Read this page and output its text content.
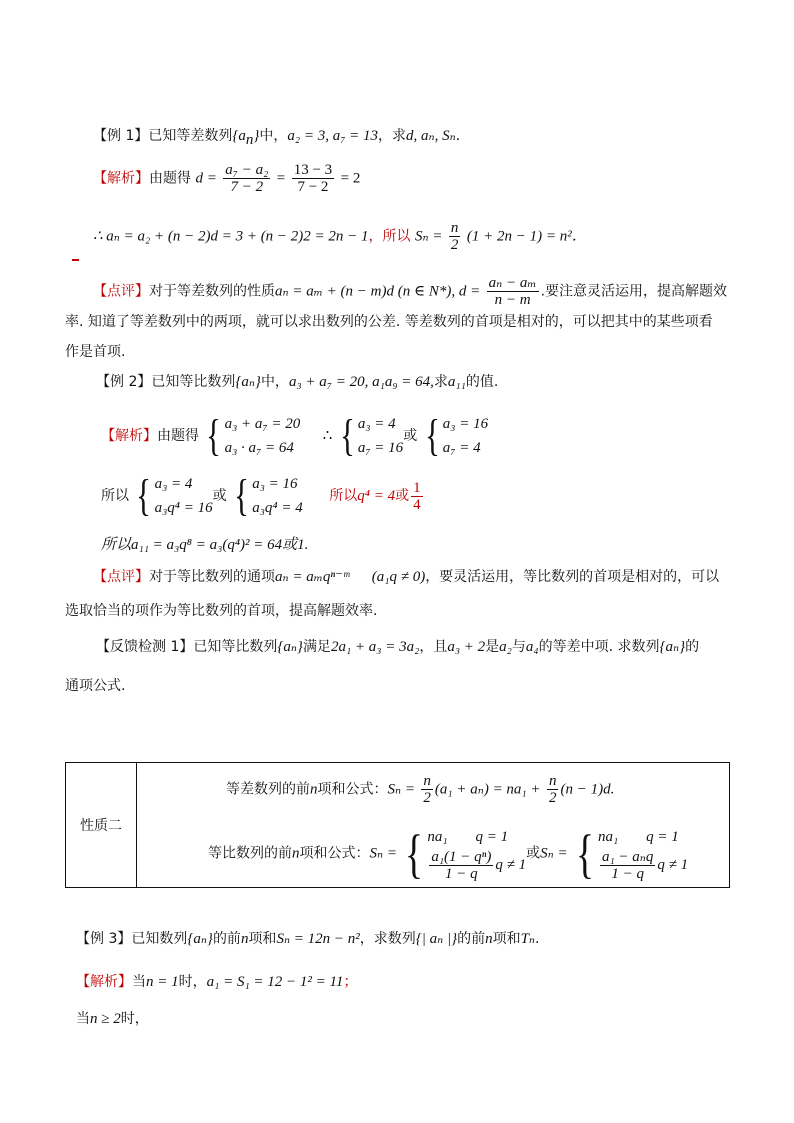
【例 1】已知等差数列$\{a_n\}$中，a₂ = 3, a₇ = 13，求d, aₙ, Sₙ．
【解析】由题得 $d = \frac{\text{a₇ − a₂}}{7 - 2} = \frac{13 - 3}{7 - 2} = 2$
∴ aₙ = a₂ + (n − 2)d = 3 + (n − 2)2 = 2n − 1，所以 $S_n = \frac{n}{2} (1 + 2n - 1) = n^2$．
【点评】对于等差数列的性质aₙ = aₘ + (n − m)d (n ∈ N*), $d = \frac{\text{aₙ − aₘ}}{n - m}$ .要注意灵活运用，提高解题效
率. 知道了等差数列中的两项，就可以求出数列的公差. 等差数列的首项是相对的，可以把其中的某些项看
作是首项.
【例 2】已知等比数列{aₙ}中，a₃ + a₇ = 20, a₁a₉ = 64,求a₁₁的值.
【解析】由题得 { a₃ + a₇ = 20
a₃ · a₇ = 64
∴ { a₃ = 4
a₇ = 16
或 { a₃ = 16
a₇ = 4
所以 { a₃ = 4
a₃q⁴ = 16
或 { a₃ = 16
a₃q⁴ = 4
所以q⁴ = 4或 $\frac{1}{4}$
所以a₁₁ = a₃q⁸ = a₃(q⁴)² = 64或1.
【点评】对于等比数列的通项aₙ = aₘqⁿ⁻ᵐ (a₁q ≠ 0)，要灵活运用，等比数列的首项是相对的，可以
选取恰当的项作为等比数列的首项，提高解题效率.
【反馈检测 1】已知等比数列{aₙ}满足2a₁ + a₃ = 3a₂，且a₃ + 2是a₂与a₄的等差中项. 求数列{aₙ}的
通项公式.
性质二
等差数列的前n项和公式：$S_n = \frac{n}{2} (a_1 + a_n) = na_1 + \frac{n}{2} (n - 1)d$.
等比数列的前n项和公式：Sₙ = { na₁ q = 1
$\frac{\text{a₁(1 − qⁿ)}}{1 - q}$ q ≠ 1
或Sₙ = { na₁ q = 1
a₁ − aₙq
1 − q
q ≠ 1
【例 3】已知数列{aₙ}的前n项和Sₙ = 12n − n²，求数列{| aₙ |}的前n项和Tₙ.
【解析】当n = 1时，a₁ = S₁ = 12 − 1² = 11；
当n ≥ 2时，
